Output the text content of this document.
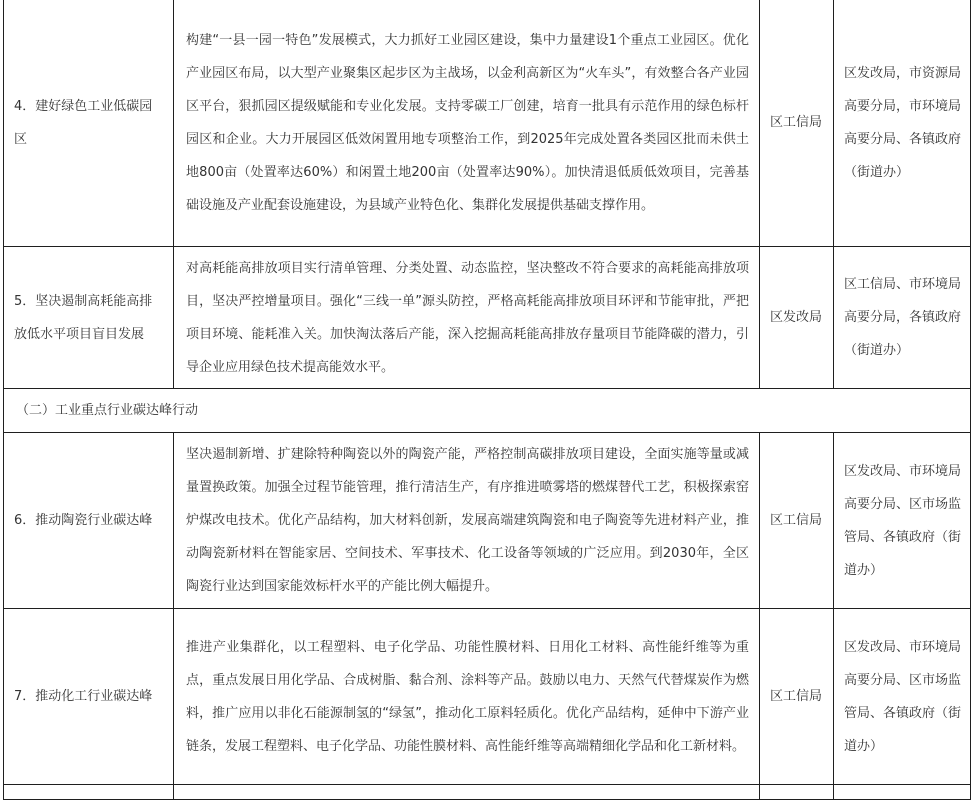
4．建好绿色工业低碳园区	构建“一县一园一特色”发展模式，大力抓好工业园区建设，集中力量建设1个重点工业园区。优化产业园区布局，以大型产业聚集区起步区为主战场，以金利高新区为“火车头”，有效整合各产业园区平台，狠抓园区提级赋能和专业化发展。支持零碳工厂创建，培育一批具有示范作用的绿色标杆园区和企业。大力开展园区低效闲置用地专项整治工作，到2025年完成处置各类园区批而未供土地800亩（处置率达60%）和闲置土地200亩（处置率达90%）。加快清退低质低效项目，完善基础设施及产业配套设施建设，为县域产业特色化、集群化发展提供基础支撑作用。	区工信局	区发改局，市资源局高要分局，市环境局高要分局、各镇政府（街道办）
5．坚决遏制高耗能高排放低水平项目盲目发展	对高耗能高排放项目实行清单管理、分类处置、动态监控，坚决整改不符合要求的高耗能高排放项目，坚决严控增量项目。强化“三线一单”源头防控，严格高耗能高排放项目环评和节能审批，严把项目环境、能耗准入关。加快淘汰落后产能，深入挖掘高耗能高排放存量项目节能降碳的潜力，引导企业应用绿色技术提高能效水平。	区发改局	区工信局、市环境局高要分局，各镇政府（街道办）
（二）工业重点行业碳达峰行动			
6．推动陶瓷行业碳达峰	坚决遏制新增、扩建除特种陶瓷以外的陶瓷产能，严格控制高碳排放项目建设，全面实施等量或减量置换政策。加强全过程节能管理，推行清洁生产，有序推进喷雾塔的燃煤替代工艺，积极探索窑炉煤改电技术。优化产品结构，加大材料创新，发展高端建筑陶瓷和电子陶瓷等先进材料产业，推动陶瓷新材料在智能家居、空间技术、军事技术、化工设备等领域的广泛应用。到2030年，全区陶瓷行业达到国家能效标杆水平的产能比例大幅提升。	区工信局	区发改局、市环境局高要分局、区市场监管局、各镇政府（街道办）
7．推动化工行业碳达峰	推进产业集群化，以工程塑料、电子化学品、功能性膜材料、日用化工材料、高性能纤维等为重点，重点发展日用化学品、合成树脂、黏合剂、涂料等产品。鼓励以电力、天然气代替煤炭作为燃料，推广应用以非化石能源制氢的“绿氢”，推动化工原料轻质化。优化产品结构，延伸中下游产业链条，发展工程塑料、电子化学品、功能性膜材料、高性能纤维等高端精细化学品和化工新材料。	区工信局	区发改局、市环境局高要分局、区市场监管局、各镇政府（街道办）
